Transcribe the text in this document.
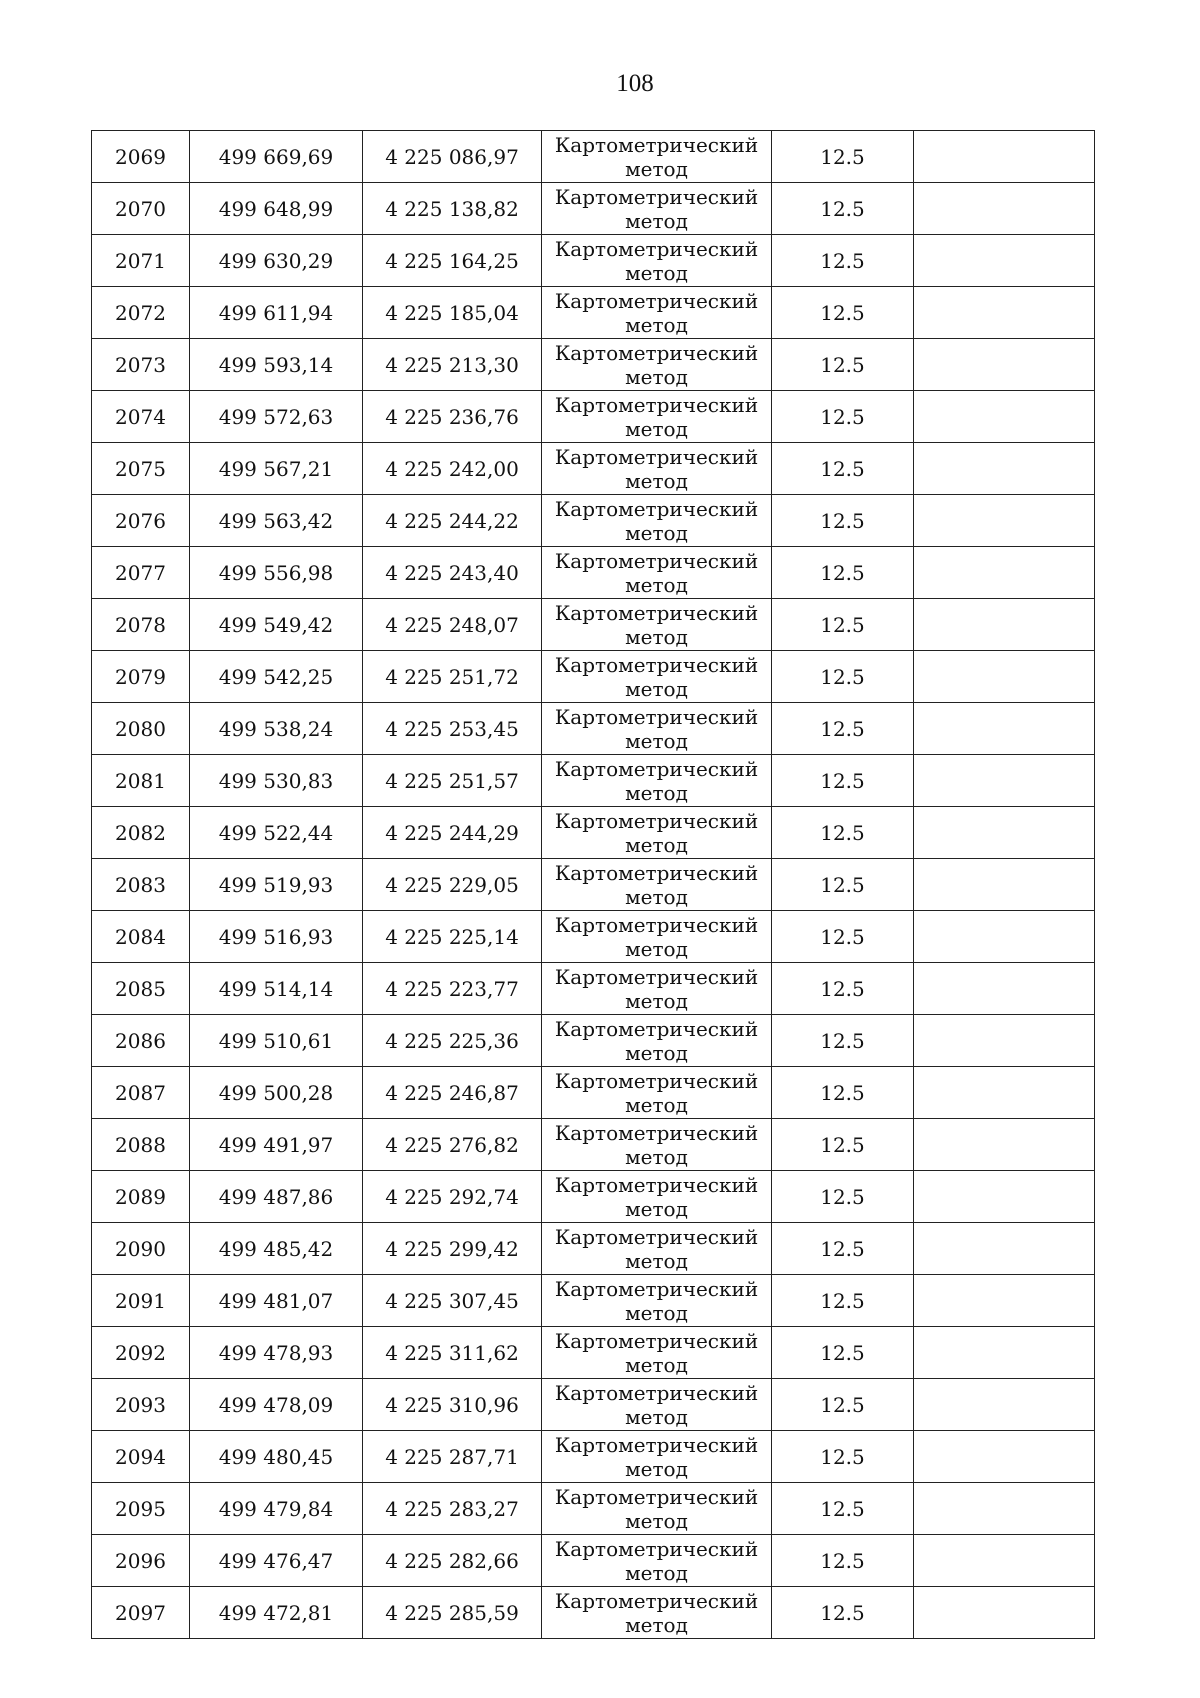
108
2069	499 669,69	4 225 086,97	Картометрический
метод	12.5	
2070	499 648,99	4 225 138,82	Картометрический
метод	12.5	
2071	499 630,29	4 225 164,25	Картометрический
метод	12.5	
2072	499 611,94	4 225 185,04	Картометрический
метод	12.5	
2073	499 593,14	4 225 213,30	Картометрический
метод	12.5	
2074	499 572,63	4 225 236,76	Картометрический
метод	12.5	
2075	499 567,21	4 225 242,00	Картометрический
метод	12.5	
2076	499 563,42	4 225 244,22	Картометрический
метод	12.5	
2077	499 556,98	4 225 243,40	Картометрический
метод	12.5	
2078	499 549,42	4 225 248,07	Картометрический
метод	12.5	
2079	499 542,25	4 225 251,72	Картометрический
метод	12.5	
2080	499 538,24	4 225 253,45	Картометрический
метод	12.5	
2081	499 530,83	4 225 251,57	Картометрический
метод	12.5	
2082	499 522,44	4 225 244,29	Картометрический
метод	12.5	
2083	499 519,93	4 225 229,05	Картометрический
метод	12.5	
2084	499 516,93	4 225 225,14	Картометрический
метод	12.5	
2085	499 514,14	4 225 223,77	Картометрический
метод	12.5	
2086	499 510,61	4 225 225,36	Картометрический
метод	12.5	
2087	499 500,28	4 225 246,87	Картометрический
метод	12.5	
2088	499 491,97	4 225 276,82	Картометрический
метод	12.5	
2089	499 487,86	4 225 292,74	Картометрический
метод	12.5	
2090	499 485,42	4 225 299,42	Картометрический
метод	12.5	
2091	499 481,07	4 225 307,45	Картометрический
метод	12.5	
2092	499 478,93	4 225 311,62	Картометрический
метод	12.5	
2093	499 478,09	4 225 310,96	Картометрический
метод	12.5	
2094	499 480,45	4 225 287,71	Картометрический
метод	12.5	
2095	499 479,84	4 225 283,27	Картометрический
метод	12.5	
2096	499 476,47	4 225 282,66	Картометрический
метод	12.5	
2097	499 472,81	4 225 285,59	Картометрический
метод	12.5	
